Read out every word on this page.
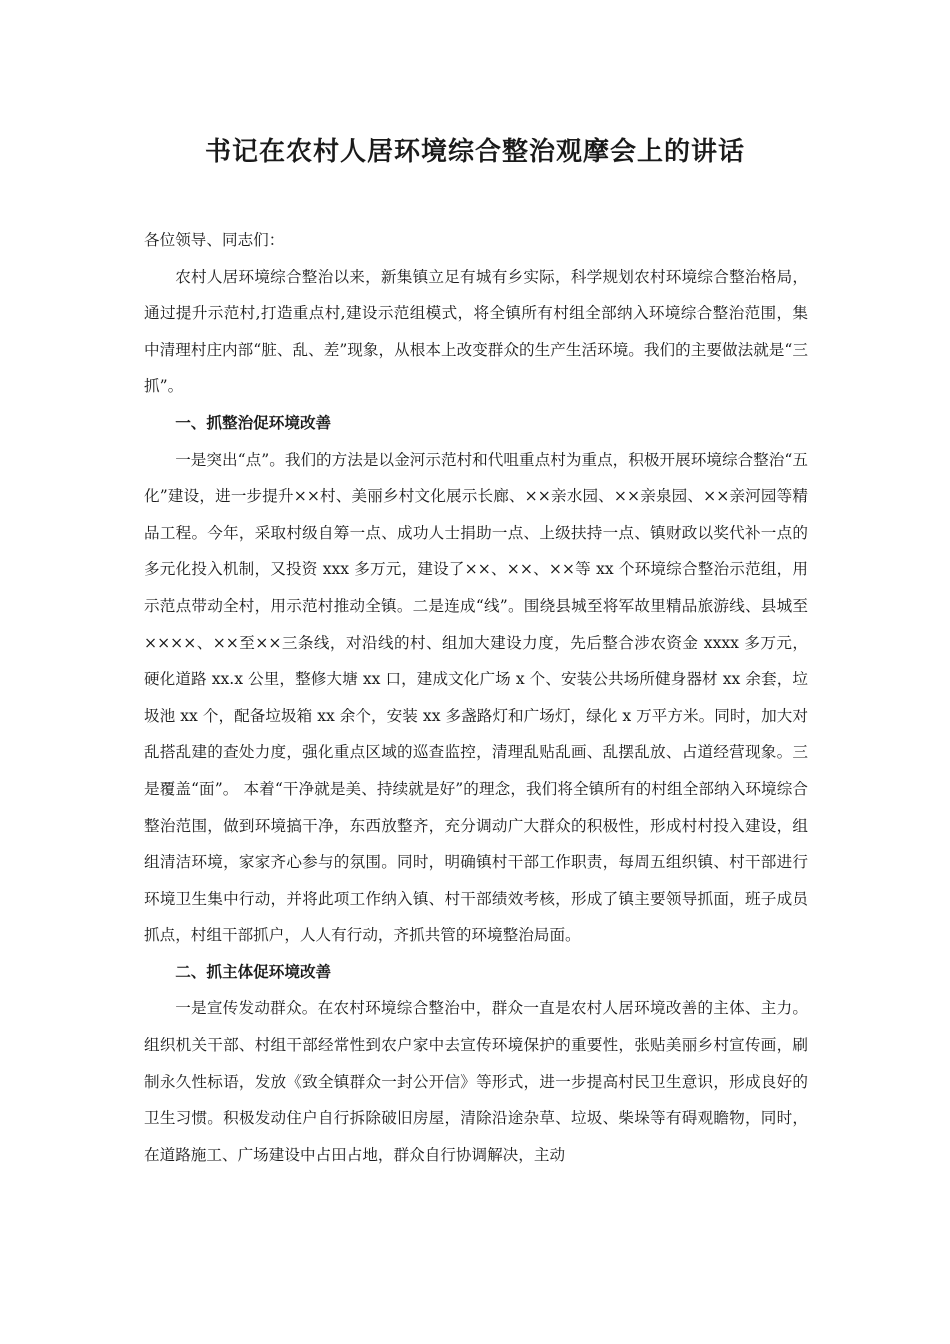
书记在农村人居环境综合整治观摩会上的讲话

各位领导、同志们：

农村人居环境综合整治以来，新集镇立足有城有乡实际，科学规划农村环境综合整治格局，通过提升示范村,打造重点村,建设示范组模式，将全镇所有村组全部纳入环境综合整治范围，集中清理村庄内部“脏、乱、差”现象，从根本上改变群众的生产生活环境。我们的主要做法就是“三抓”。

一、抓整治促环境改善

一是突出“点”。我们的方法是以金河示范村和代咀重点村为重点，积极开展环境综合整治“五化”建设，进一步提升××村、美丽乡村文化展示长廊、××亲水园、××亲泉园、××亲河园等精品工程。今年，采取村级自筹一点、成功人士捐助一点、上级扶持一点、镇财政以奖代补一点的多元化投入机制，又投资 xxx 多万元，建设了××、××、××等 xx 个环境综合整治示范组，用示范点带动全村，用示范村推动全镇。二是连成“线”。围绕县城至将军故里精品旅游线、县城至××××、××至××三条线，对沿线的村、组加大建设力度，先后整合涉农资金 xxxx 多万元，硬化道路 xx.x 公里，整修大塘 xx 口，建成文化广场 x 个、安装公共场所健身器材 xx 余套，垃圾池 xx 个，配备垃圾箱 xx 余个，安装 xx 多盏路灯和广场灯，绿化 x 万平方米。同时，加大对乱搭乱建的查处力度，强化重点区域的巡查监控，清理乱贴乱画、乱摆乱放、占道经营现象。三是覆盖“面”。 本着“干净就是美、持续就是好”的理念，我们将全镇所有的村组全部纳入环境综合整治范围，做到环境搞干净，东西放整齐，充分调动广大群众的积极性，形成村村投入建设，组组清洁环境，家家齐心参与的氛围。同时，明确镇村干部工作职责，每周五组织镇、村干部进行环境卫生集中行动，并将此项工作纳入镇、村干部绩效考核，形成了镇主要领导抓面，班子成员抓点，村组干部抓户，人人有行动，齐抓共管的环境整治局面。

二、抓主体促环境改善

一是宣传发动群众。在农村环境综合整治中，群众一直是农村人居环境改善的主体、主力。组织机关干部、村组干部经常性到农户家中去宣传环境保护的重要性，张贴美丽乡村宣传画，刷制永久性标语，发放《致全镇群众一封公开信》等形式，进一步提高村民卫生意识，形成良好的卫生习惯。积极发动住户自行拆除破旧房屋，清除沿途杂草、垃圾、柴垛等有碍观瞻物，同时，在道路施工、广场建设中占田占地，群众自行协调解决，主动
